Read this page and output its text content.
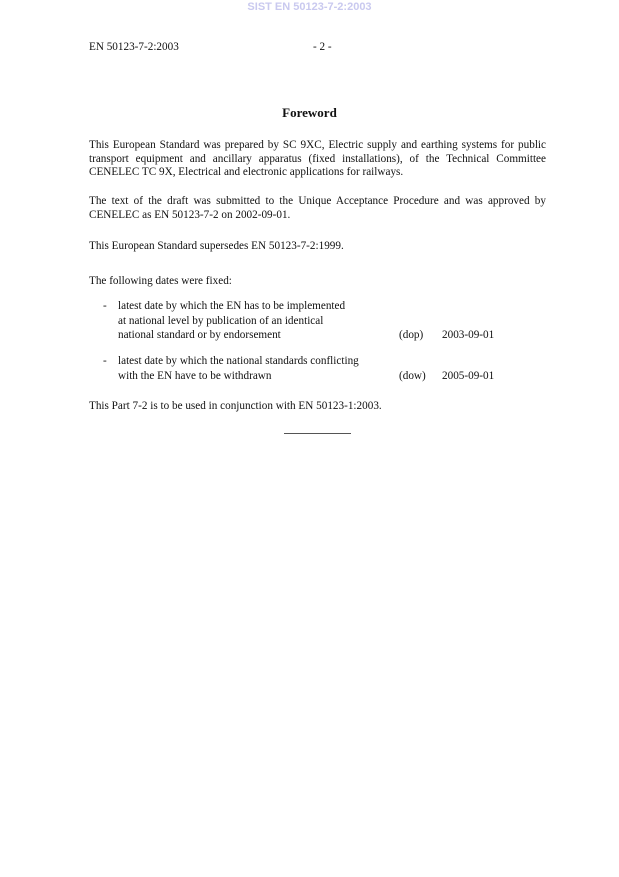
SIST EN 50123-7-2:2003
EN 50123-7-2:2003	- 2 -
Foreword
This European Standard was prepared by SC 9XC, Electric supply and earthing systems for public transport equipment and ancillary apparatus (fixed installations), of the Technical Committee CENELEC TC 9X, Electrical and electronic applications for railways.
The text of the draft was submitted to the Unique Acceptance Procedure and was approved by CENELEC as EN 50123-7-2 on 2002-09-01.
This European Standard supersedes EN 50123-7-2:1999.
The following dates were fixed:
- latest date by which the EN has to be implemented
at national level by publication of an identical
national standard or by endorsement	(dop) 2003-09-01
- latest date by which the national standards conflicting
with the EN have to be withdrawn	(dow) 2005-09-01
This Part 7-2 is to be used in conjunction with EN 50123-1:2003.
